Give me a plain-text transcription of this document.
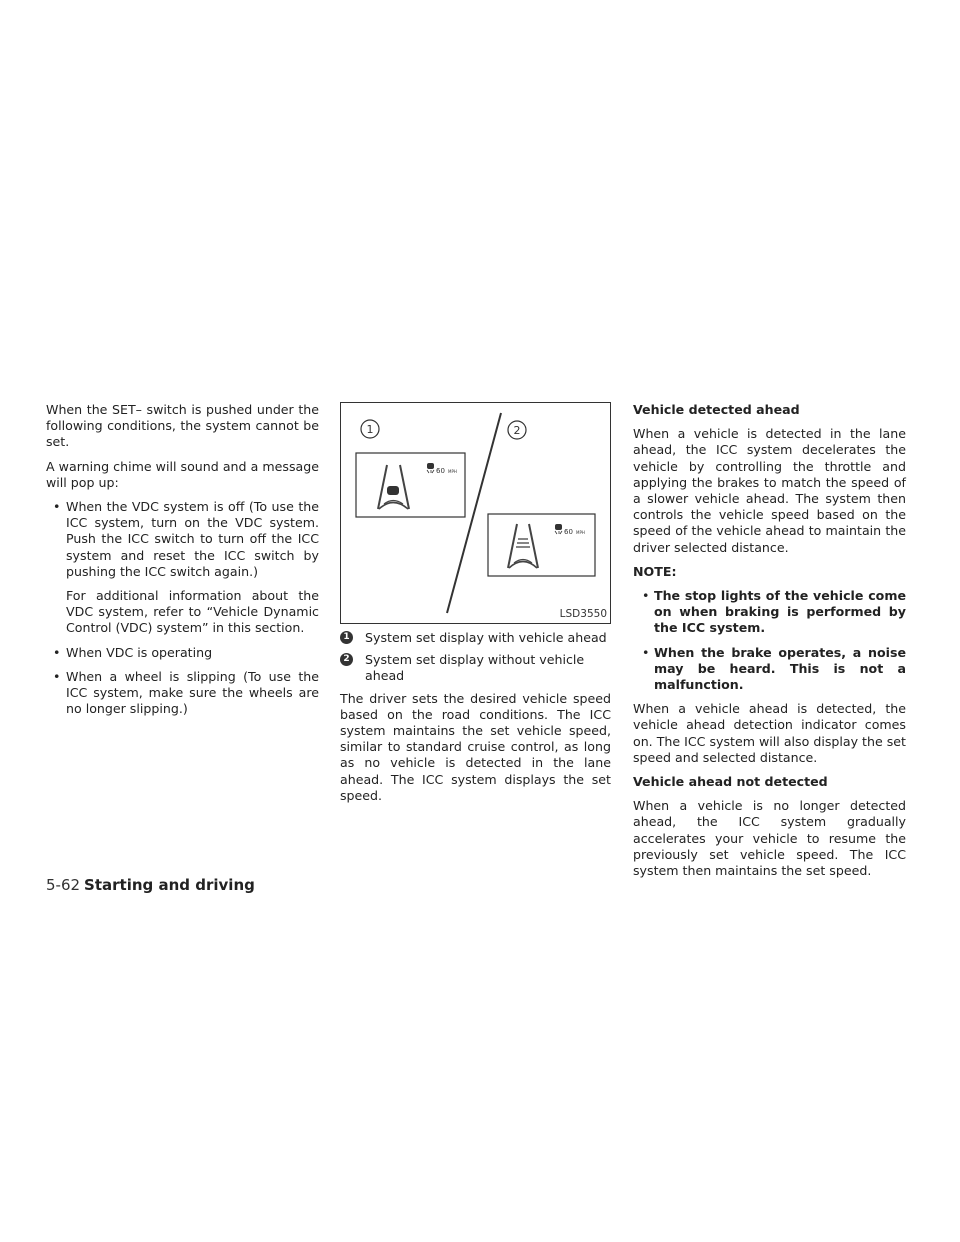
When the SET– switch is pushed under the following conditions, the system cannot be set.

A warning chime will sound and a message will pop up:

• When the VDC system is off (To use the ICC system, turn on the VDC system. Push the ICC switch to turn off the ICC system and reset the ICC switch by pushing the ICC switch again.)

For additional information about the VDC system, refer to “Vehicle Dynamic Control (VDC) system” in this section.

• When VDC is operating
• When a wheel is slipping (To use the ICC system, make sure the wheels are no longer slipping.)
1	2
60 MPH
60 MPH
LSD3550
1 System set display with vehicle ahead
2 System set display without vehicle ahead

The driver sets the desired vehicle speed based on the road conditions. The ICC system maintains the set vehicle speed, similar to standard cruise control, as long as no vehicle is detected in the lane ahead. The ICC system displays the set speed.

Vehicle detected ahead

When a vehicle is detected in the lane ahead, the ICC system decelerates the vehicle by controlling the throttle and applying the brakes to match the speed of a slower vehicle ahead. The system then controls the vehicle speed based on the speed of the vehicle ahead to maintain the driver selected distance.

NOTE:
• The stop lights of the vehicle come on when braking is performed by the ICC system.
• When the brake operates, a noise may be heard. This is not a malfunction.

When a vehicle ahead is detected, the vehicle ahead detection indicator comes on. The ICC system will also display the set speed and selected distance.

Vehicle ahead not detected

When a vehicle is no longer detected ahead, the ICC system gradually accelerates your vehicle to resume the previously set vehicle speed. The ICC system then maintains the set speed.

5-62 Starting and driving
